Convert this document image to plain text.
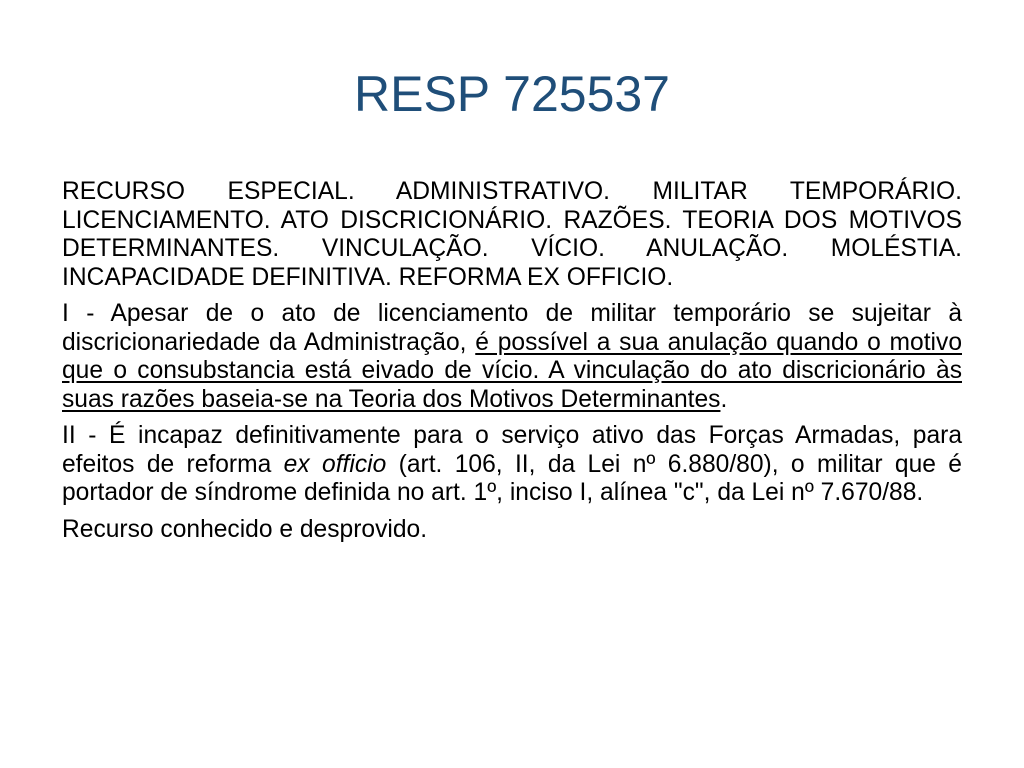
RESP 725537

RECURSO ESPECIAL. ADMINISTRATIVO. MILITAR TEMPORÁRIO. LICENCIAMENTO. ATO DISCRICIONÁRIO. RAZÕES. TEORIA DOS MOTIVOS DETERMINANTES. VINCULAÇÃO. VÍCIO. ANULAÇÃO. MOLÉSTIA. INCAPACIDADE DEFINITIVA. REFORMA EX OFFICIO.

I - Apesar de o ato de licenciamento de militar temporário se sujeitar à discricionariedade da Administração, é possível a sua anulação quando o motivo que o consubstancia está eivado de vício. A vinculação do ato discricionário às suas razões baseia-se na Teoria dos Motivos Determinantes.

II - É incapaz definitivamente para o serviço ativo das Forças Armadas, para efeitos de reforma ex officio (art. 106, II, da Lei nº 6.880/80), o militar que é portador de síndrome definida no art. 1º, inciso I, alínea "c", da Lei nº 7.670/88.

Recurso conhecido e desprovido.
